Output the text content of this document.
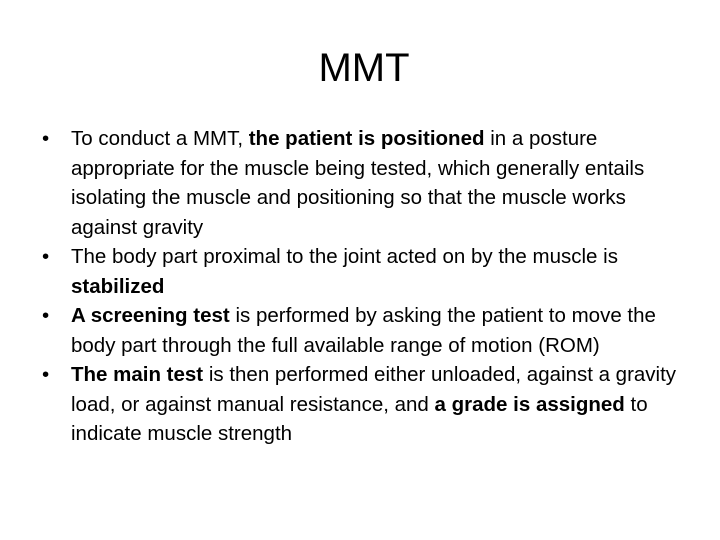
MMT
• To conduct a MMT, the patient is positioned in a posture appropriate for the muscle being tested, which generally entails isolating the muscle and positioning so that the muscle works against gravity
• The body part proximal to the joint acted on by the muscle is stabilized
• A screening test is performed by asking the patient to move the body part through the full available range of motion (ROM)
• The main test is then performed either unloaded, against a gravity load, or against manual resistance, and a grade is assigned to indicate muscle strength
